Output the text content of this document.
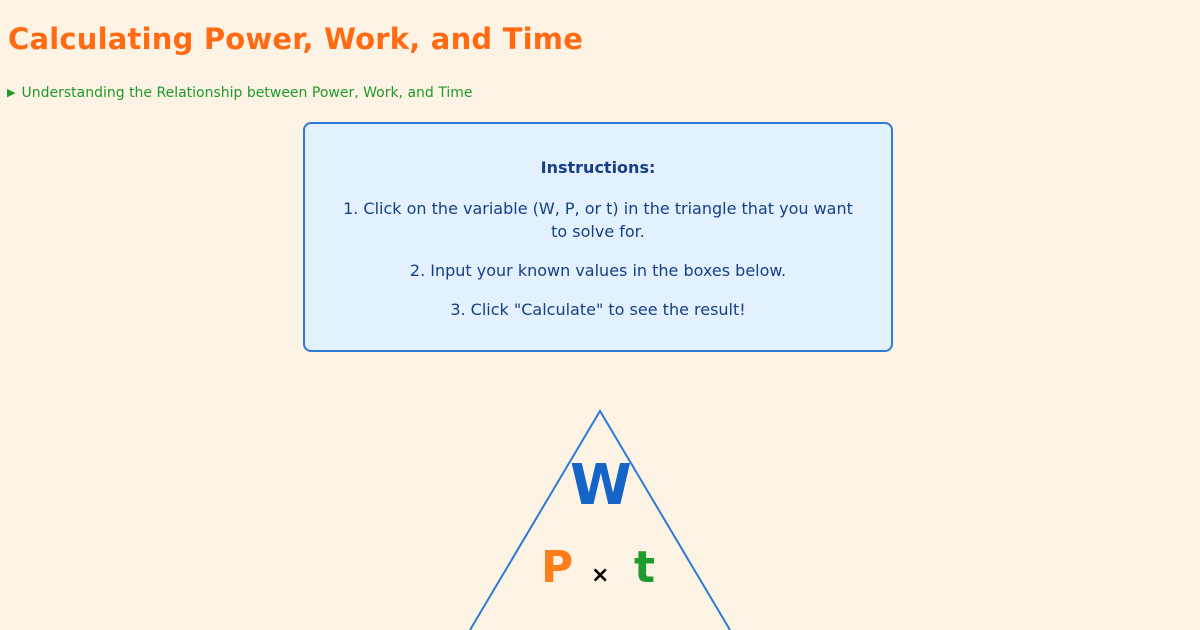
Calculating Power, Work, and Time
▶ Understanding the Relationship between Power, Work, and Time

Instructions:

1. Click on the variable (W, P, or t) in the triangle that you want to solve for.

2. Input your known values in the boxes below.

3. Click "Calculate" to see the result!

W
P × t
